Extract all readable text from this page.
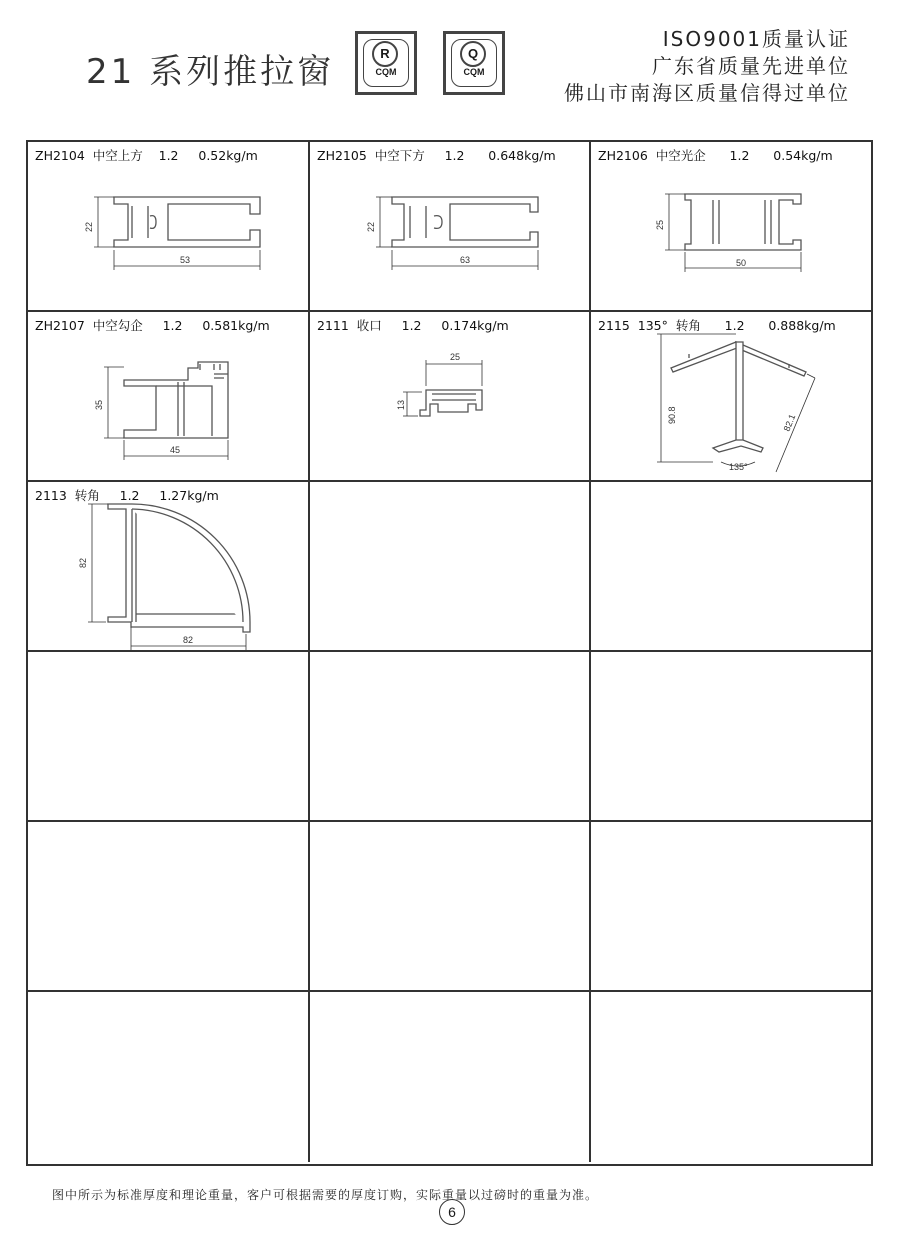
21 系列推拉窗	R
CQM
Q
CQM
ISO9001质量认证
广东省质量先进单位
佛山市南海区质量信得过单位
ZH2104  中空上方    1.2     0.52kg/m
22
53
ZH2105  中空下方     1.2      0.648kg/m
22
63
ZH2106  中空光企      1.2      0.54kg/m
25
50
ZH2107  中空勾企     1.2     0.581kg/m
35
45
2111  收口     1.2     0.174kg/m
25
13
2115  135°  转角      1.2      0.888kg/m
90.8	82.1
135°
2113  转角     1.2     1.27kg/m
82
82
图中所示为标准厚度和理论重量，客户可根据需要的厚度订购，实际重量以过磅时的重量为准。
6
